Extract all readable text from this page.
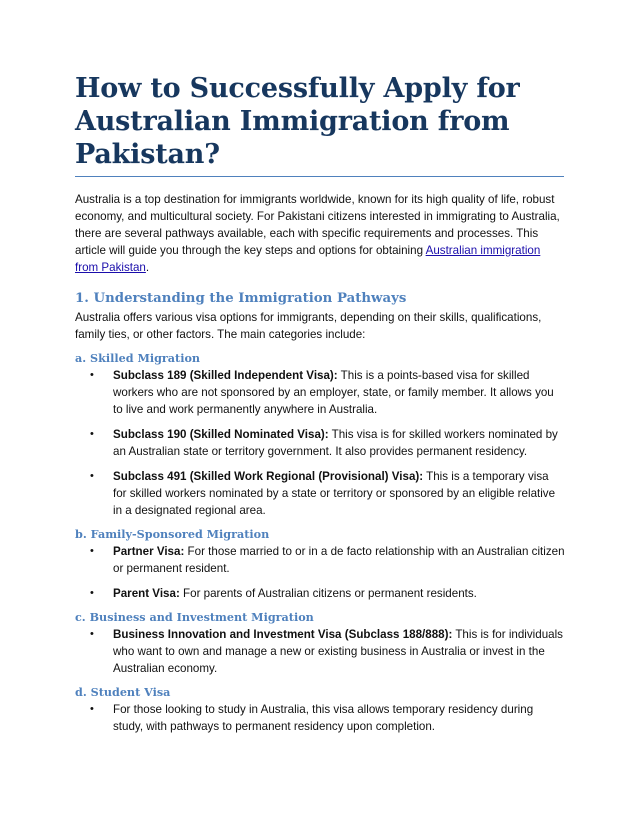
How to Successfully Apply for Australian Immigration from Pakistan?

Australia is a top destination for immigrants worldwide, known for its high quality of life, robust economy, and multicultural society. For Pakistani citizens interested in immigrating to Australia, there are several pathways available, each with specific requirements and processes. This article will guide you through the key steps and options for obtaining Australian immigration from Pakistan.

1. Understanding the Immigration Pathways

Australia offers various visa options for immigrants, depending on their skills, qualifications, family ties, or other factors. The main categories include:

a. Skilled Migration
• Subclass 189 (Skilled Independent Visa): This is a points-based visa for skilled workers who are not sponsored by an employer, state, or family member. It allows you to live and work permanently anywhere in Australia.
• Subclass 190 (Skilled Nominated Visa): This visa is for skilled workers nominated by an Australian state or territory government. It also provides permanent residency.
• Subclass 491 (Skilled Work Regional (Provisional) Visa): This is a temporary visa for skilled workers nominated by a state or territory or sponsored by an eligible relative in a designated regional area.
b. Family-Sponsored Migration
• Partner Visa: For those married to or in a de facto relationship with an Australian citizen or permanent resident.
• Parent Visa: For parents of Australian citizens or permanent residents.
c. Business and Investment Migration
• Business Innovation and Investment Visa (Subclass 188/888): This is for individuals who want to own and manage a new or existing business in Australia or invest in the Australian economy.
d. Student Visa
• For those looking to study in Australia, this visa allows temporary residency during study, with pathways to permanent residency upon completion.
